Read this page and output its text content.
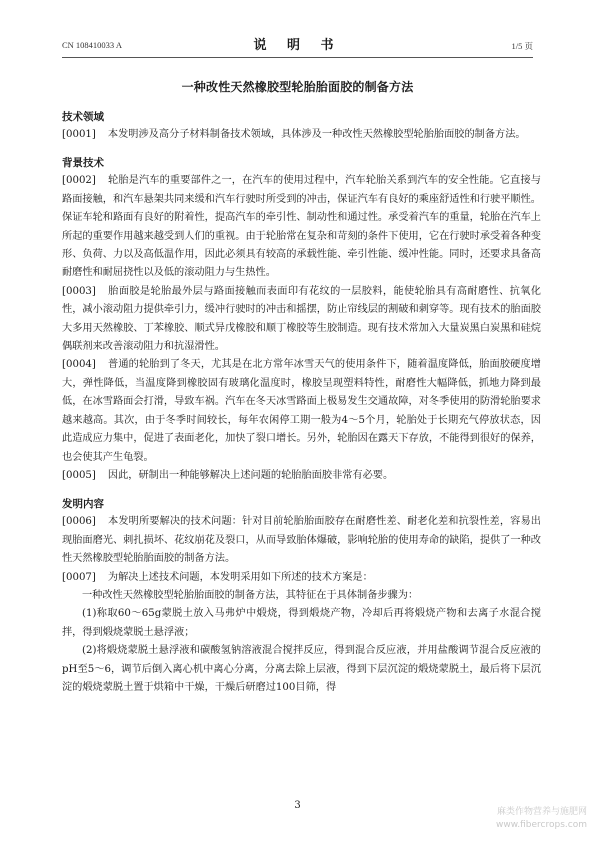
CN 108410033 A	说 明 书	1/5 页
一种改性天然橡胶型轮胎胎面胶的制备方法
技术领域
[0001] 本发明涉及高分子材料制备技术领域，具体涉及一种改性天然橡胶型轮胎胎面胶的制备方法。
背景技术
[0002] 轮胎是汽车的重要部件之一，在汽车的使用过程中，汽车轮胎关系到汽车的安全性能。它直接与路面接触，和汽车悬架共同来缓和汽车行驶时所受到的冲击，保证汽车有良好的乘座舒适性和行驶平顺性。保证车轮和路面有良好的附着性，提高汽车的牵引性、制动性和通过性。承受着汽车的重量，轮胎在汽车上所起的重要作用越来越受到人们的重视。由于轮胎常在复杂和苛刻的条件下使用，它在行驶时承受着各种变形、负荷、力以及高低温作用，因此必须具有较高的承载性能、牵引性能、缓冲性能。同时，还要求具备高耐磨性和耐屈挠性以及低的滚动阻力与生热性。
[0003] 胎面胶是轮胎最外层与路面接触而表面印有花纹的一层胶料，能使轮胎具有高耐磨性、抗氧化性，减小滚动阻力提供牵引力，缓冲行驶时的冲击和摇摆，防止帘线层的割破和刺穿等。现有技术的胎面胶大多用天然橡胶、丁苯橡胶、顺式异戊橡胶和顺丁橡胶等生胶制造。现有技术常加入大量炭黑白炭黑和硅烷偶联剂来改善滚动阻力和抗湿滑性。
[0004] 普通的轮胎到了冬天，尤其是在北方常年冰雪天气的使用条件下，随着温度降低，胎面胶硬度增大，弹性降低，当温度降到橡胶固有玻璃化温度时，橡胶呈现塑料特性，耐磨性大幅降低，抓地力降到最低，在冰雪路面会打滑，导致车祸。汽车在冬天冰雪路面上极易发生交通故障，对冬季使用的防滑轮胎要求越来越高。其次，由于冬季时间较长，每年农闲停工期一般为4～5个月，轮胎处于长期充气停放状态，因此造成应力集中，促进了表面老化，加快了裂口增长。另外，轮胎因在露天下存放，不能得到很好的保养，也会使其产生龟裂。
[0005] 因此，研制出一种能够解决上述问题的轮胎胎面胶非常有必要。
发明内容
[0006] 本发明所要解决的技术问题：针对目前轮胎胎面胶存在耐磨性差、耐老化差和抗裂性差，容易出现胎面磨光、刺扎损坏、花纹崩花及裂口，从而导致胎体爆破，影响轮胎的使用寿命的缺陷，提供了一种改性天然橡胶型轮胎胎面胶的制备方法。
[0007] 为解决上述技术问题，本发明采用如下所述的技术方案是：
一种改性天然橡胶型轮胎胎面胶的制备方法，其特征在于具体制备步骤为：
(1)称取60～65g蒙脱土放入马弗炉中煅烧，得到煅烧产物，冷却后再将煅烧产物和去离子水混合搅拌，得到煅烧蒙脱土悬浮液；
(2)将煅烧蒙脱土悬浮液和碳酸氢钠溶液混合搅拌反应，得到混合反应液，并用盐酸调节混合反应液的pH至5～6，调节后倒入离心机中离心分离，分离去除上层液，得到下层沉淀的煅烧蒙脱土，最后将下层沉淀的煅烧蒙脱土置于烘箱中干燥，干燥后研磨过100目筛，得
3
麻类作物营养与施肥网
www.fibercrops.com
